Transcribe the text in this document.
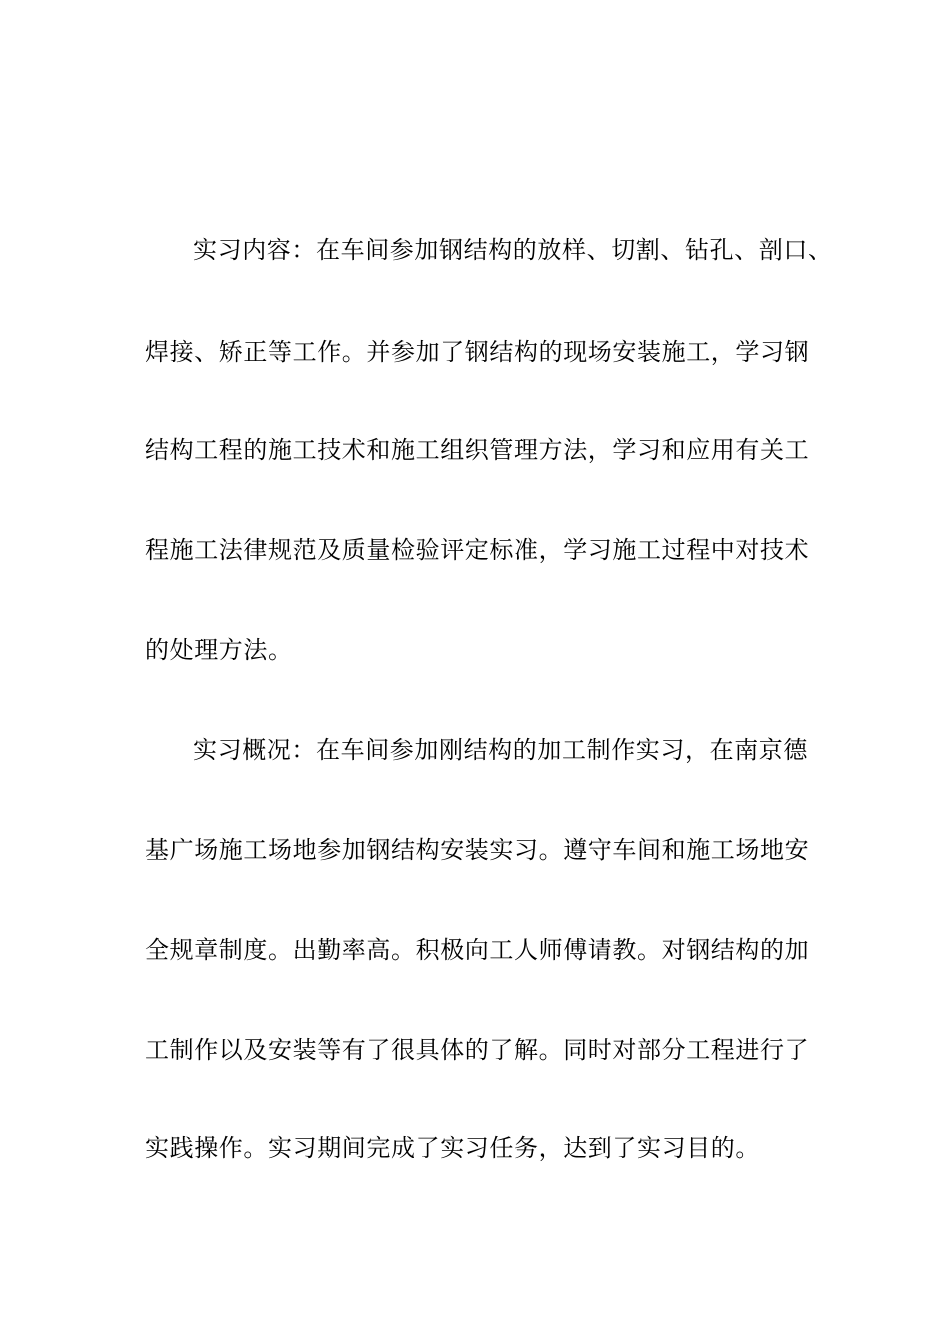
实习内容：在车间参加钢结构的放样、切割、钻孔、剖口、
焊接、矫正等工作。并参加了钢结构的现场安装施工，学习钢
结构工程的施工技术和施工组织管理方法，学习和应用有关工
程施工法律规范及质量检验评定标准，学习施工过程中对技术
的处理方法。
实习概况：在车间参加刚结构的加工制作实习，在南京德
基广场施工场地参加钢结构安装实习。遵守车间和施工场地安
全规章制度。出勤率高。积极向工人师傅请教。对钢结构的加
工制作以及安装等有了很具体的了解。同时对部分工程进行了
实践操作。实习期间完成了实习任务，达到了实习目的。
